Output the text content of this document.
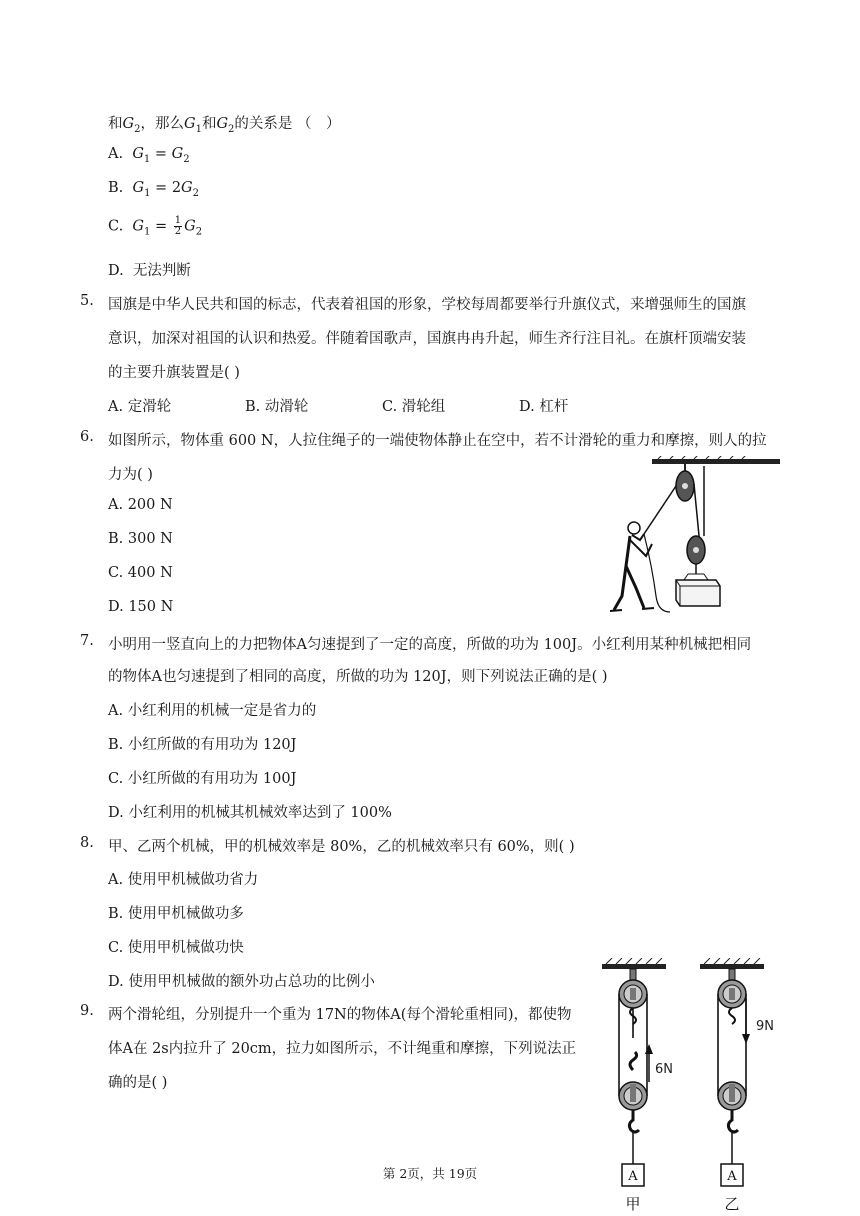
和$G_2$，那么$G_1$和$G_2$的关系是 （　）
A.  $G_1 = G_2$
B.  $G_1 = 2G_2$
C.  $G_1 = \frac{1}{2} G_2$
D.  无法判断
5. 国旗是中华人民共和国的标志，代表着祖国的形象，学校每周都要举行升旗仪式，来增强师生的国旗
意识，加深对祖国的认识和热爱。伴随着国歌声，国旗冉冉升起，师生齐行注目礼。在旗杆顶端安装
的主要升旗装置是( )
A. 定滑轮	B. 动滑轮	C. 滑轮组	D. 杠杆
6. 如图所示，物体重 600 N，人拉住绳子的一端使物体静止在空中，若不计滑轮的重力和摩擦，则人的拉
力为( )
A. 200 N
B. 300 N
C. 400 N
D. 150 N
7. 小明用一竖直向上的力把物体A匀速提到了一定的高度，所做的功为 100J。小红利用某种机械把相同
的物体A也匀速提到了相同的高度，所做的功为 120J，则下列说法正确的是( )
A. 小红利用的机械一定是省力的
B. 小红所做的有用功为 120J
C. 小红所做的有用功为 100J
D. 小红利用的机械其机械效率达到了 100%
8. 甲、乙两个机械，甲的机械效率是 80%，乙的机械效率只有 60%，则( )
A. 使用甲机械做功省力
B. 使用甲机械做功多
C. 使用甲机械做功快
D. 使用甲机械做的额外功占总功的比例小
9. 两个滑轮组，分别提升一个重为 17N的物体A(每个滑轮重相同)，都使物
体A在 2s内拉升了 20cm，拉力如图所示，不计绳重和摩擦，下列说法正
确的是( )
6N
A
甲
9N
A
乙
第 2页，共 19页
